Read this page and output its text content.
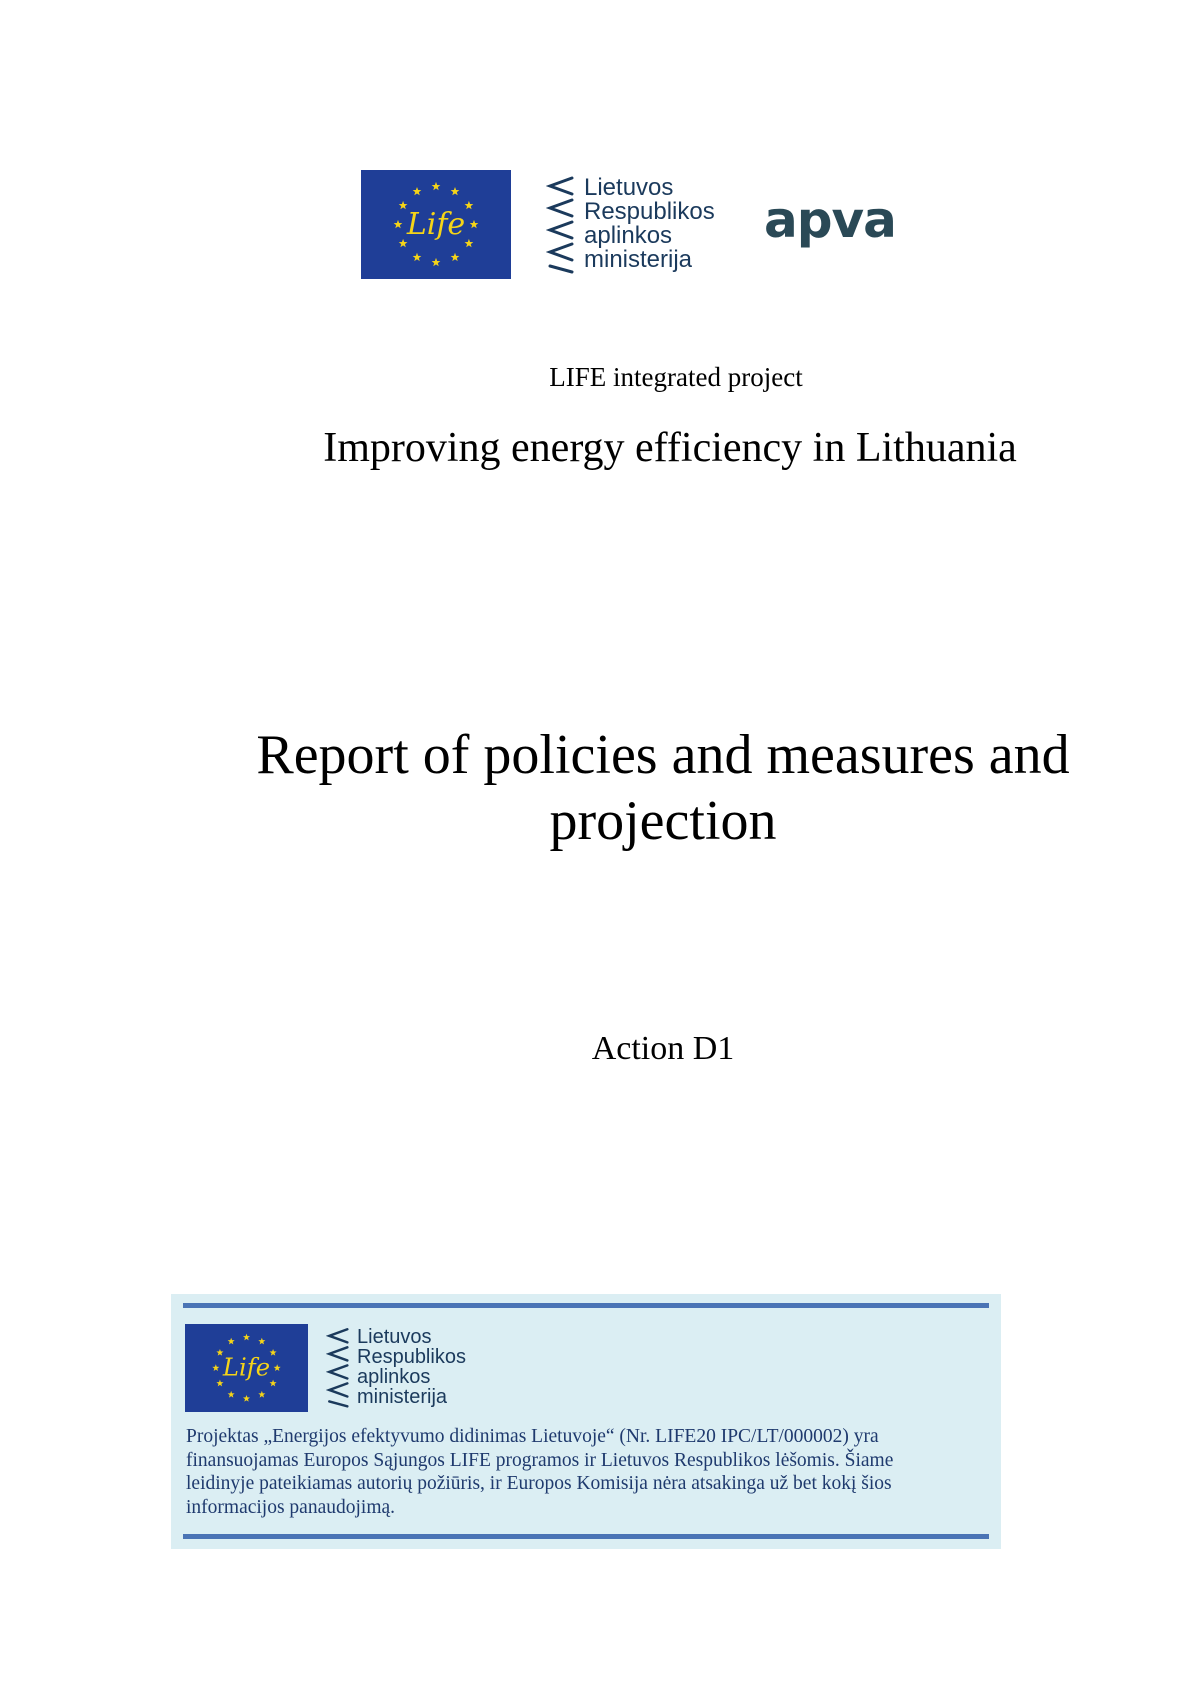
Life
Lietuvos
Respublikos
aplinkos
ministerija
apva
LIFE integrated project
Improving energy efficiency in Lithuania
Report of policies and measures and
projection
Action D1
Life
Lietuvos
Respublikos
aplinkos
ministerija
Projektas „Energijos efektyvumo didinimas Lietuvoje“ (Nr. LIFE20 IPC/LT/000002) yra
finansuojamas Europos Sąjungos LIFE programos ir Lietuvos Respublikos lėšomis. Šiame
leidinyje pateikiamas autorių požiūris, ir Europos Komisija nėra atsakinga už bet kokį šios
informacijos panaudojimą.
